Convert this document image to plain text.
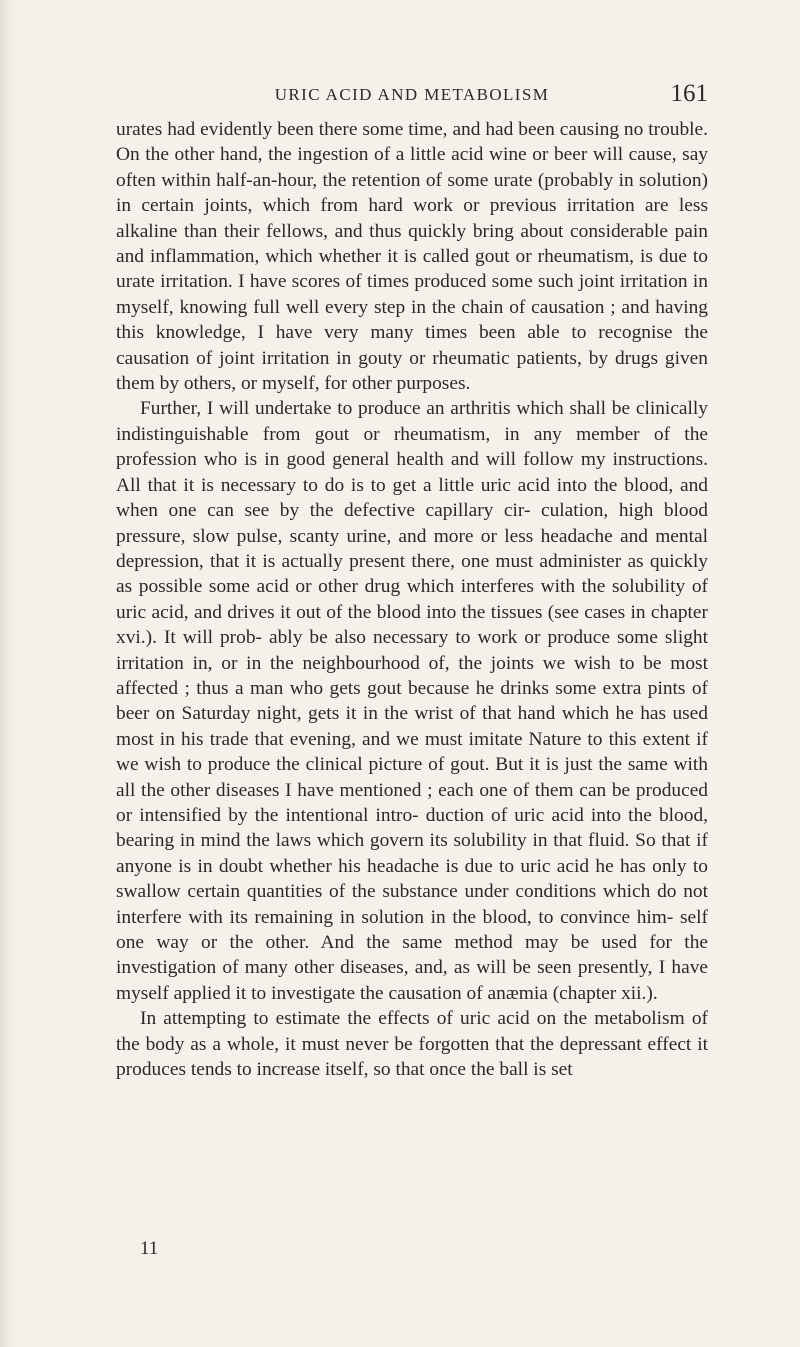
URIC ACID AND METABOLISM	161

urates had evidently been there some time, and had been causing no trouble. On the other hand, the ingestion of a little acid wine or beer will cause, say often within half-an-hour, the retention of some urate (probably in solution) in certain joints, which from hard work or previous irritation are less alkaline than their fellows, and thus quickly bring about considerable pain and inflammation, which whether it is called gout or rheumatism, is due to urate irritation. I have scores of times produced some such joint irritation in myself, knowing full well every step in the chain of causation ; and having this knowledge, I have very many times been able to recognise the causation of joint irritation in gouty or rheumatic patients, by drugs given them by others, or myself, for other purposes.

Further, I will undertake to produce an arthritis which shall be clinically indistinguishable from gout or rheumatism, in any member of the profession who is in good general health and will follow my instructions. All that it is necessary to do is to get a little uric acid into the blood, and when one can see by the defective capillary cir- culation, high blood pressure, slow pulse, scanty urine, and more or less headache and mental depression, that it is actually present there, one must administer as quickly as possible some acid or other drug which interferes with the solubility of uric acid, and drives it out of the blood into the tissues (see cases in chapter xvi.). It will prob- ably be also necessary to work or produce some slight irritation in, or in the neighbourhood of, the joints we wish to be most affected ; thus a man who gets gout because he drinks some extra pints of beer on Saturday night, gets it in the wrist of that hand which he has used most in his trade that evening, and we must imitate Nature to this extent if we wish to produce the clinical picture of gout. But it is just the same with all the other diseases I have mentioned ; each one of them can be produced or intensified by the intentional intro- duction of uric acid into the blood, bearing in mind the laws which govern its solubility in that fluid. So that if anyone is in doubt whether his headache is due to uric acid he has only to swallow certain quantities of the substance under conditions which do not interfere with its remaining in solution in the blood, to convince him- self one way or the other. And the same method may be used for the investigation of many other diseases, and, as will be seen presently, I have myself applied it to investigate the causation of anæmia (chapter xii.).

In attempting to estimate the effects of uric acid on the metabolism of the body as a whole, it must never be forgotten that the depressant effect it produces tends to increase itself, so that once the ball is set

11
